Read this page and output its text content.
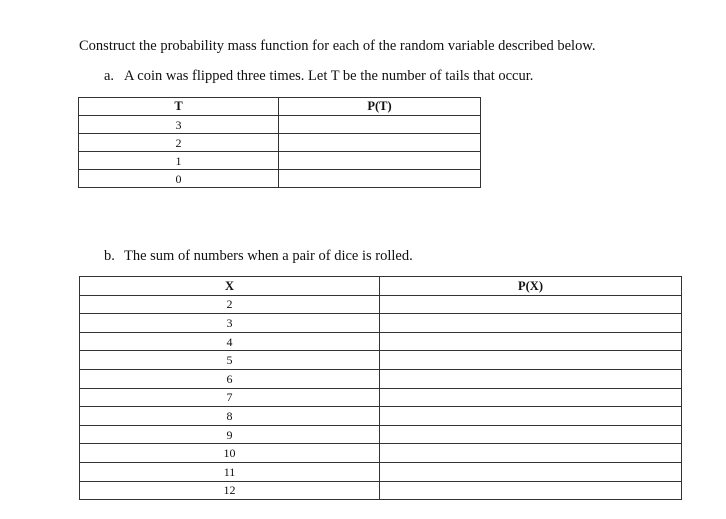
Construct the probability mass function for each of the random variable described below.
a. A coin was flipped three times. Let T be the number of tails that occur.
T	P(T)
3	
2	
1	
0	
b. The sum of numbers when a pair of dice is rolled.
X	P(X)
2	
3	
4	
5	
6	
7	
8	
9	
10	
11	
12	
